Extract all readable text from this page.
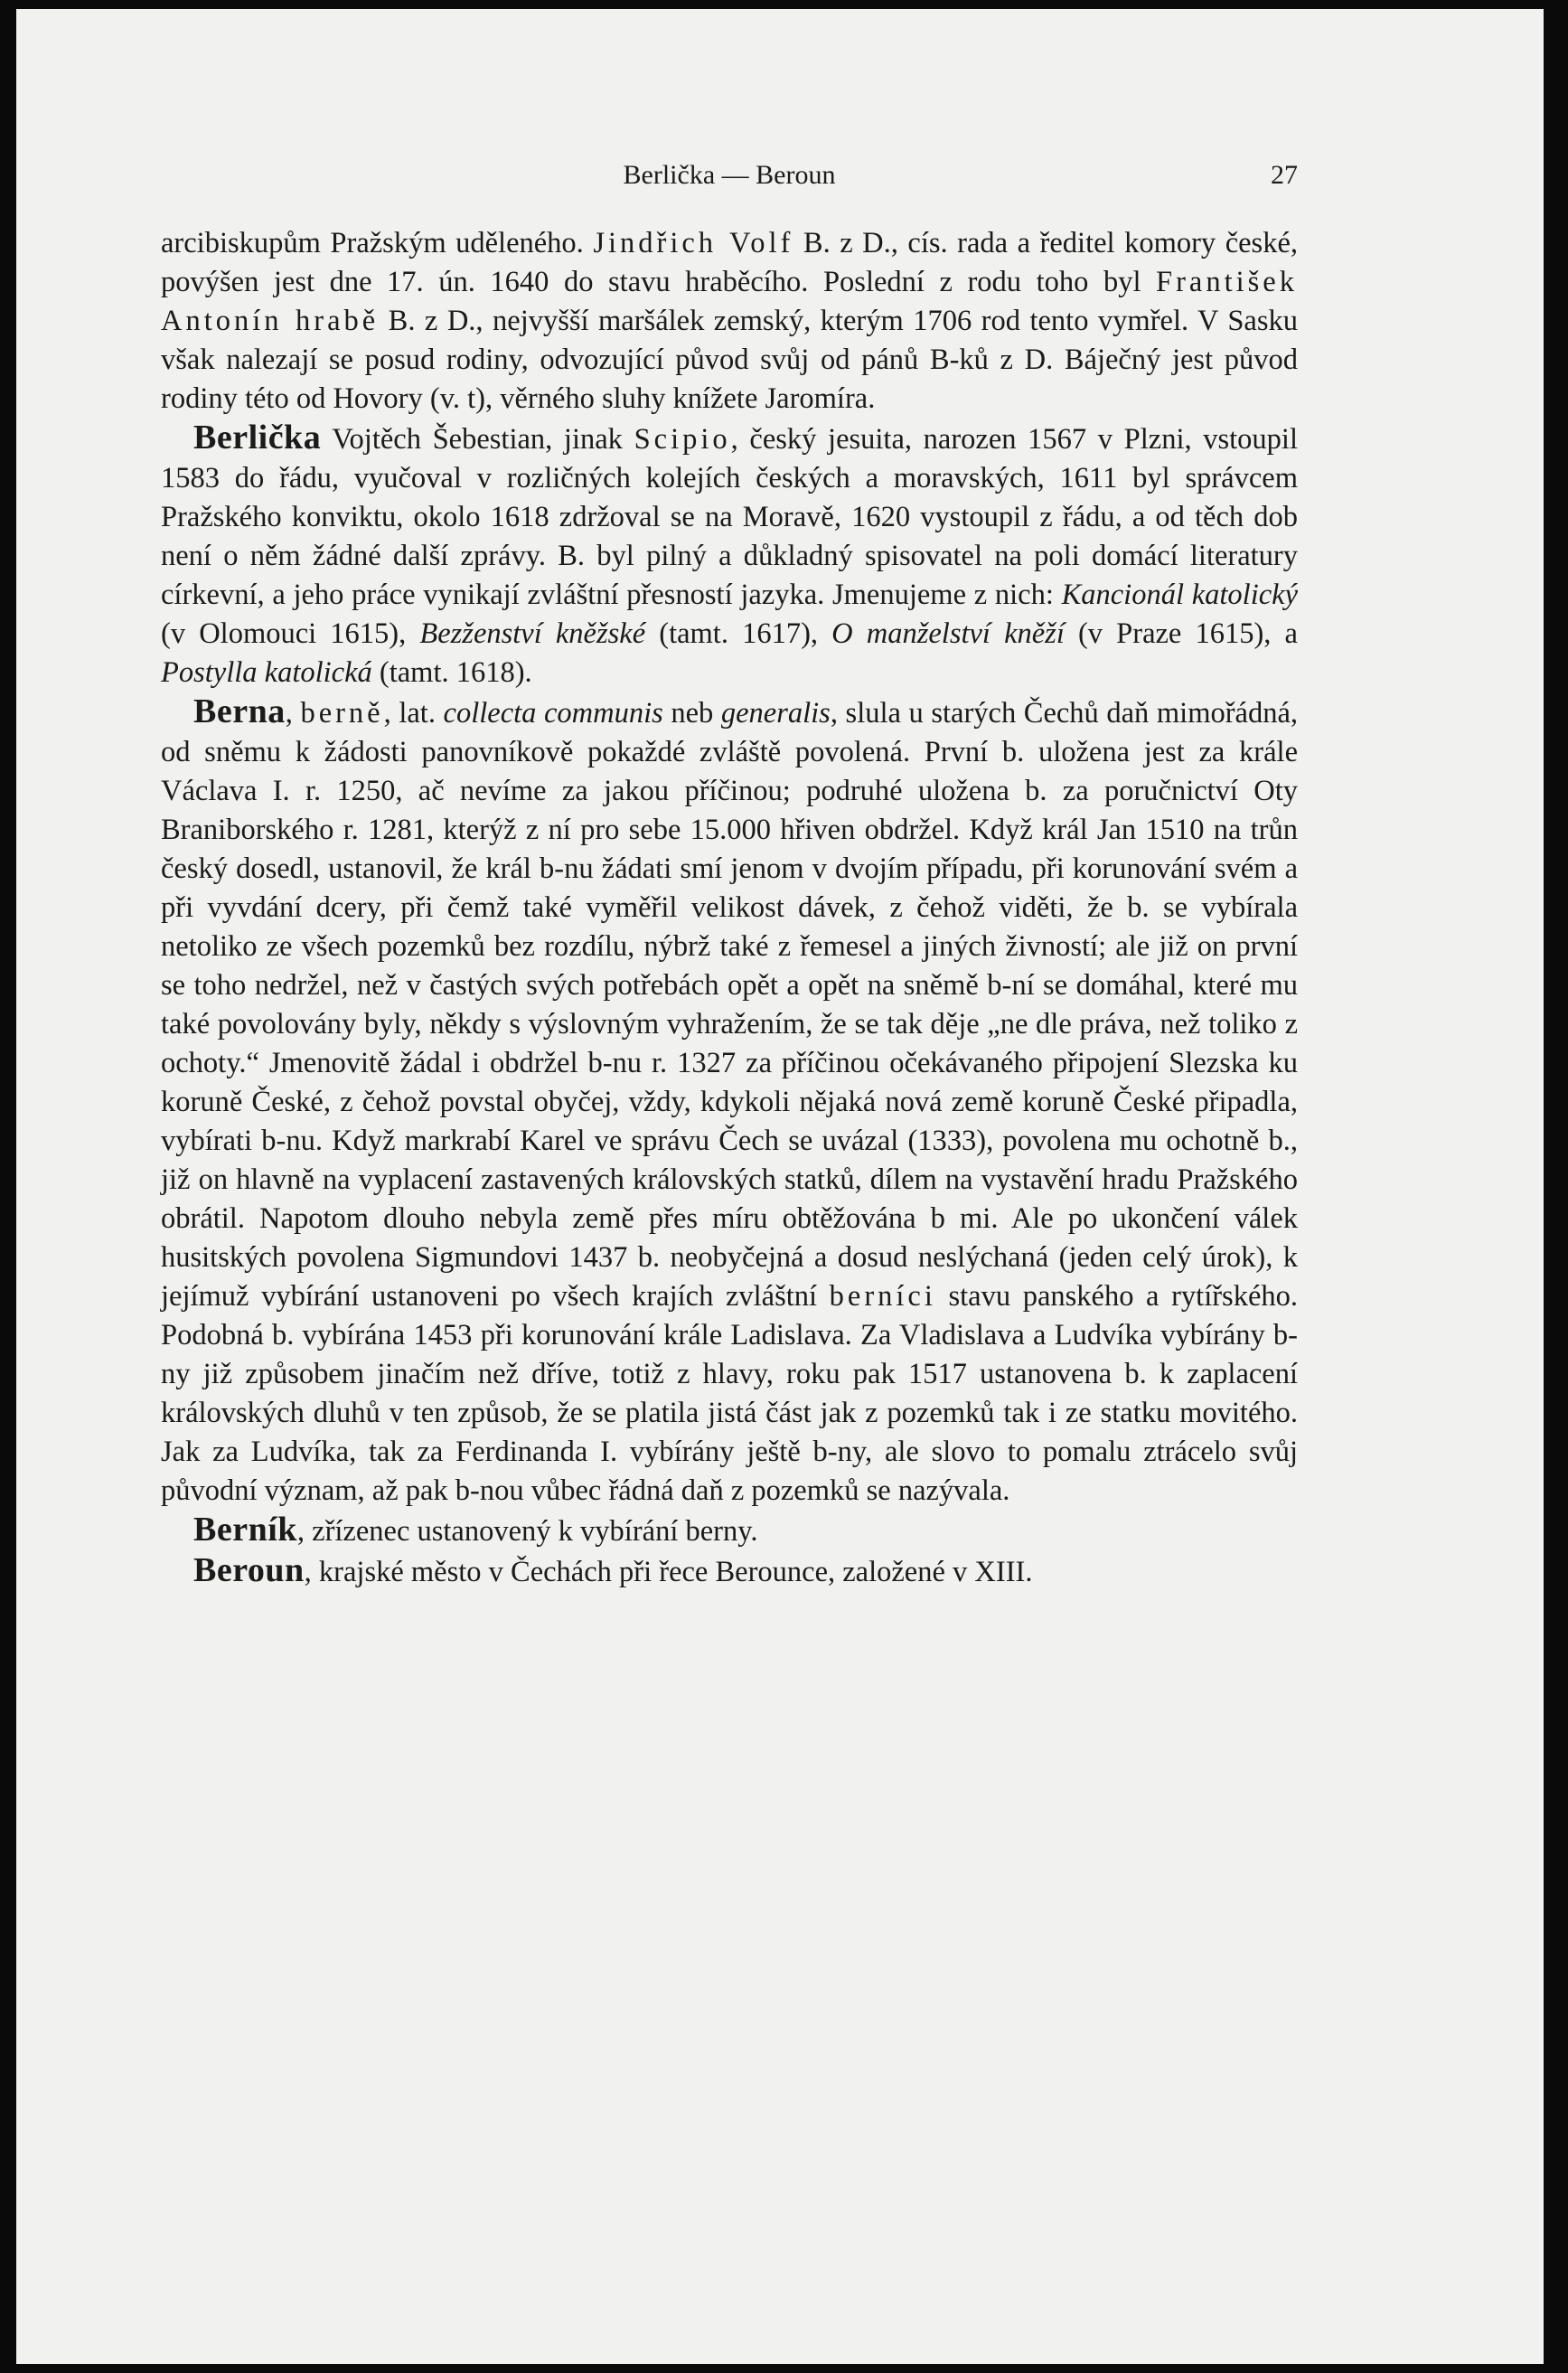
Berlička — Beroun	27

arcibiskupům Pražským uděleného. Jindřich Volf B. z D., cís. rada a ředitel komory české, povýšen jest dne 17. ún. 1640 do stavu hraběcího. Poslední z rodu toho byl František Antonín hrabě B. z D., nejvyšší maršálek zemský, kterým 1706 rod tento vymřel. V Sasku však nalezají se posud rodiny, odvozující původ svůj od pánů B-ků z D. Báječný jest původ rodiny této od Hovory (v. t), věrného sluhy knížete Jaromíra.

Berlička Vojtěch Šebestian, jinak Scipio, český jesuita, narozen 1567 v Plzni, vstoupil 1583 do řádu, vyučoval v rozličných kolejích českých a moravských, 1611 byl správcem Pražského konviktu, okolo 1618 zdržoval se na Moravě, 1620 vystoupil z řádu, a od těch dob není o něm žádné další zprávy. B. byl pilný a důkladný spisovatel na poli domácí literatury církevní, a jeho práce vynikají zvláštní přesností jazyka. Jmenujeme z nich: Kancionál katolický (v Olomouci 1615), Bezženství kněžské (tamt. 1617), O manželství kněží (v Praze 1615), a Postylla katolická (tamt. 1618).

Berna, berně, lat. collecta communis neb generalis, slula u starých Čechů daň mimořádná, od sněmu k žádosti panovníkově pokaždé zvláště povolená. První b. uložena jest za krále Václava I. r. 1250, ač nevíme za jakou příčinou; podruhé uložena b. za poručnictví Oty Braniborského r. 1281, kterýž z ní pro sebe 15.000 hřiven obdržel. Když král Jan 1510 na trůn český dosedl, ustanovil, že král b-nu žádati smí jenom v dvojím případu, při korunování svém a při vyvdání dcery, při čemž také vyměřil velikost dávek, z čehož viděti, že b. se vybírala netoliko ze všech pozemků bez rozdílu, nýbrž také z řemesel a jiných živností; ale již on první se toho nedržel, než v častých svých potřebách opět a opět na sněmě b-ní se domáhal, které mu také povolovány byly, někdy s výslovným vyhražením, že se tak děje „ne dle práva, než toliko z ochoty.“ Jmenovitě žádal i obdržel b-nu r. 1327 za příčinou očekávaného připojení Slezska ku koruně České, z čehož povstal obyčej, vždy, kdykoli nějaká nová země koruně České připadla, vybírati b-nu. Když markrabí Karel ve správu Čech se uvázal (1333), povolena mu ochotně b., již on hlavně na vyplacení zastavených královských statků, dílem na vystavění hradu Pražského obrátil. Napotom dlouho nebyla země přes míru obtěžována b mi. Ale po ukončení válek husitských povolena Sigmundovi 1437 b. neobyčejná a dosud neslýchaná (jeden celý úrok), k jejímuž vybírání ustanoveni po všech krajích zvláštní berníci stavu panského a rytířského. Podobná b. vybírána 1453 při korunování krále Ladislava. Za Vladislava a Ludvíka vybírány b-ny již způsobem jinačím než dříve, totiž z hlavy, roku pak 1517 ustanovena b. k zaplacení královských dluhů v ten způsob, že se platila jistá část jak z pozemků tak i ze statku movitého. Jak za Ludvíka, tak za Ferdinanda I. vybírány ještě b-ny, ale slovo to pomalu ztrácelo svůj původní význam, až pak b-nou vůbec řádná daň z pozemků se nazývala.

Berník, zřízenec ustanovený k vybírání berny.

Beroun, krajské město v Čechách při řece Berounce, založené v XIII.
